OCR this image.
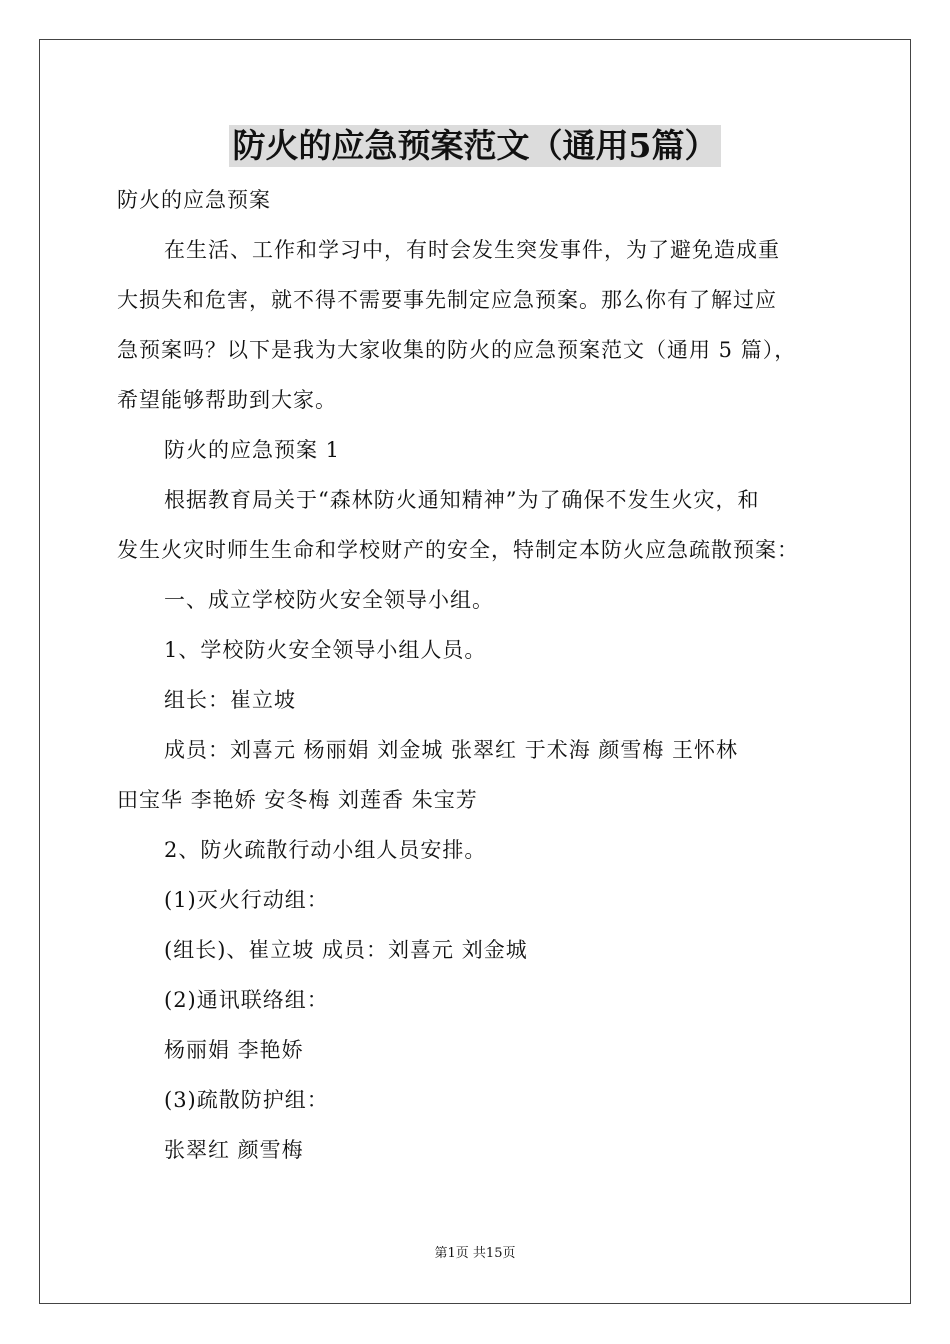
防火的应急预案范文（通用5篇）
防火的应急预案
在生活、工作和学习中，有时会发生突发事件，为了避免造成重
大损失和危害，就不得不需要事先制定应急预案。那么你有了解过应
急预案吗？以下是我为大家收集的防火的应急预案范文（通用 5 篇），
希望能够帮助到大家。
防火的应急预案 1
根据教育局关于“森林防火通知精神”为了确保不发生火灾，和
发生火灾时师生生命和学校财产的安全，特制定本防火应急疏散预案：
一、成立学校防火安全领导小组。
1、学校防火安全领导小组人员。
组长：崔立坡
成员：刘喜元 杨丽娟 刘金城 张翠红 于术海 颜雪梅 王怀林
田宝华 李艳娇 安冬梅 刘莲香 朱宝芳
2、防火疏散行动小组人员安排。
(1)灭火行动组：
(组长)、崔立坡 成员：刘喜元 刘金城
(2)通讯联络组：
杨丽娟 李艳娇
(3)疏散防护组：
张翠红 颜雪梅
第1页 共15页
